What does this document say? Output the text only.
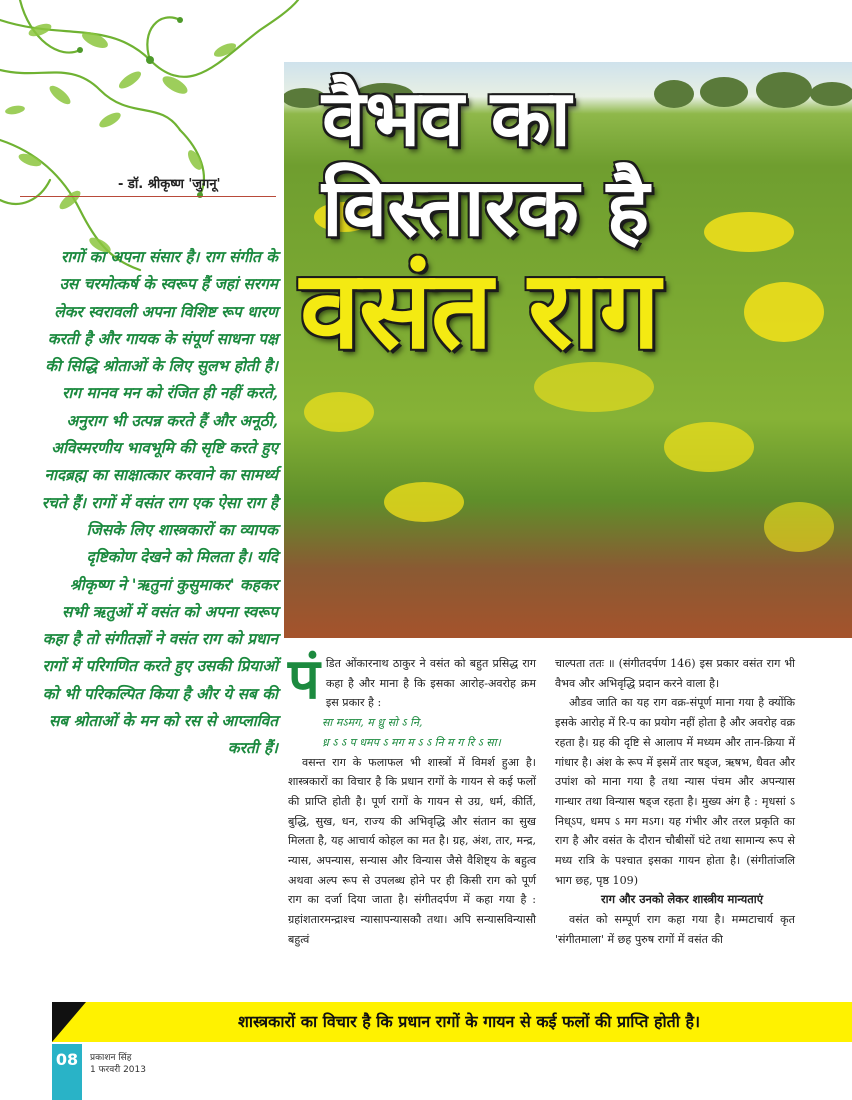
वैभव का
विस्तारक है
वसंत राग
- डॉ. श्रीकृष्ण 'जुगनू'
रागों का अपना संसार है। राग संगीत के उस चरमोत्कर्ष के स्वरूप हैं जहां सरगम लेकर स्वरावली अपना विशिष्ट रूप धारण करती है और गायक के संपूर्ण साधना पक्ष की सिद्धि श्रोताओं के लिए सुलभ होती है। राग मानव मन को रंजित ही नहीं करते, अनुराग भी उत्पन्न करते हैं और अनूठी, अविस्मरणीय भावभूमि की सृष्टि करते हुए नादब्रह्म का साक्षात्कार करवाने का सामर्थ्य रचते हैं। रागों में वसंत राग एक ऐसा राग है जिसके लिए शास्त्रकारों का व्यापक दृष्टिकोण देखने को मिलता है। यदि श्रीकृष्ण ने 'ऋतुनां कुसुमाकर' कहकर सभी ऋतुओं में वसंत को अपना स्वरूप कहा है तो संगीतज्ञों ने वसंत राग को प्रधान रागों में परिगणित करते हुए उसकी प्रियाओं को भी परिकल्पित किया है और ये सब की सब श्रोताओं के मन को रस से आप्लावित करती हैं।
पं डित ओंकारनाथ ठाकुर ने वसंत को बहुत प्रसिद्ध राग कहा है और माना है कि इसका आरोह-अवरोह क्रम इस प्रकार है :

सा मऽमग, म ध्रु सो ऽ नि,

ध्र ऽ ऽ प धमप ऽ मग म ऽ ऽ नि म ग रि ऽ सा।

वसन्त राग के फलाफल भी शास्त्रों में विमर्श हुआ है। शास्त्रकारों का विचार है कि प्रधान रागों के गायन से कई फलों की प्राप्ति होती है। पूर्ण रागों के गायन से उग्र, धर्म, कीर्ति, बुद्धि, सुख, धन, राज्य की अभिवृद्धि और संतान का सुख मिलता है, यह आचार्य कोहल का मत है। ग्रह, अंश, तार, मन्द्र, न्यास, अपन्यास, सन्यास और विन्यास जैसे वैशिष्ट्य के बहुत्व अथवा अल्प रूप से उपलब्ध होने पर ही किसी राग को पूर्ण राग का दर्जा दिया जाता है। संगीतदर्पण में कहा गया है : ग्रहांशतारमन्द्राश्च न्यासापन्यासकौ तथा। अपि सन्यासविन्यासौ बहुत्वं

चाल्पता ततः ॥ (संगीतदर्पण 146) इस प्रकार वसंत राग भी वैभव और अभिवृद्धि प्रदान करने वाला है।

औडव जाति का यह राग वक्र-संपूर्ण माना गया है क्योंकि इसके आरोह में रि-प का प्रयोग नहीं होता है और अवरोह वक्र रहता है। ग्रह की दृष्टि से आलाप में मध्यम और तान-क्रिया में गांधार है। अंश के रूप में इसमें तार षड्ज, ऋषभ, धैवत और उपांश को माना गया है तथा न्यास पंचम और अपन्यास गान्धार तथा विन्यास षड्ज रहता है। मुख्य अंग है : मृधसां ऽ निध्ऽप, धमप ऽ मग मऽग। यह गंभीर और तरल प्रकृति का राग है और वसंत के दौरान चौबीसों घंटे तथा सामान्य रूप से मध्य रात्रि के पश्चात इसका गायन होता है। (संगीतांजलि भाग छह, पृष्ठ 109)

राग और उनको लेकर शास्त्रीय मान्यताएं

वसंत को सम्पूर्ण राग कहा गया है। मम्मटाचार्य कृत 'संगीतमाला' में छह पुरुष रागों में वसंत की

शास्त्रकारों का विचार है कि प्रधान रागों के गायन से कई फलों की प्राप्ति होती है।
08	प्रकाशन सिंह
1 फरवरी 2013
